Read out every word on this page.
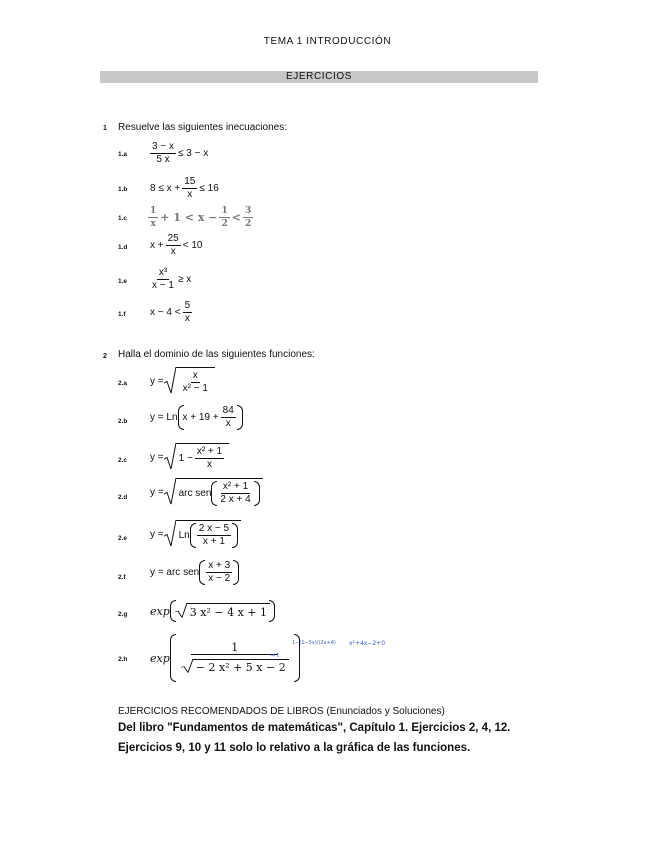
TEMA 1 INTRODUCCIÓN
EJERCICIOS
1 Resuelve las siguientes inecuaciones:
$1.a \frac{3 - x}{5 x} \le 3 - x$
1.b $8 \le x + \frac{15}{x} \le 16$
$1.c \frac{1}{x} + 1 < x - \frac{1}{2} < \frac{3}{2}$
1.d $x + \frac{25}{x} < 10$
$1.e \frac{\text{x³}}{x - 1} \ge x$
1.f $x - 4 < \frac{5}{x}$
2 Halla el dominio de las siguientes funciones:
2.a $y = \frac{x}{\text{x² − 1}}$
2.b y = Ln $x + 19 + \frac{84}{x}$
2.c $y = 1 - \frac{\text{x² + 1}}{x}$
2.d y = arc sen $\frac{\text{x² + 1}}{2 x + 4}$
2.e y = Ln $\frac{2 x - 5}{x + 1}$
2.f y = arc sen $\frac{x + 3}{x - 2}$
2.g exp 3 x² − 4 x + 1
2.h $\exp \frac{1}{\text{− 2 x² + 5 x − 2}}$
⇒ t
1−(1−5x)/(2x+4) x²+4x−2+0
EJERCICIOS RECOMENDADOS DE LIBROS (Enunciados y Soluciones)
Del libro "Fundamentos de matemáticas", Capítulo 1. Ejercicios 2, 4, 12.
Ejercicios 9, 10 y 11 solo lo relativo a la gráfica de las funciones.
